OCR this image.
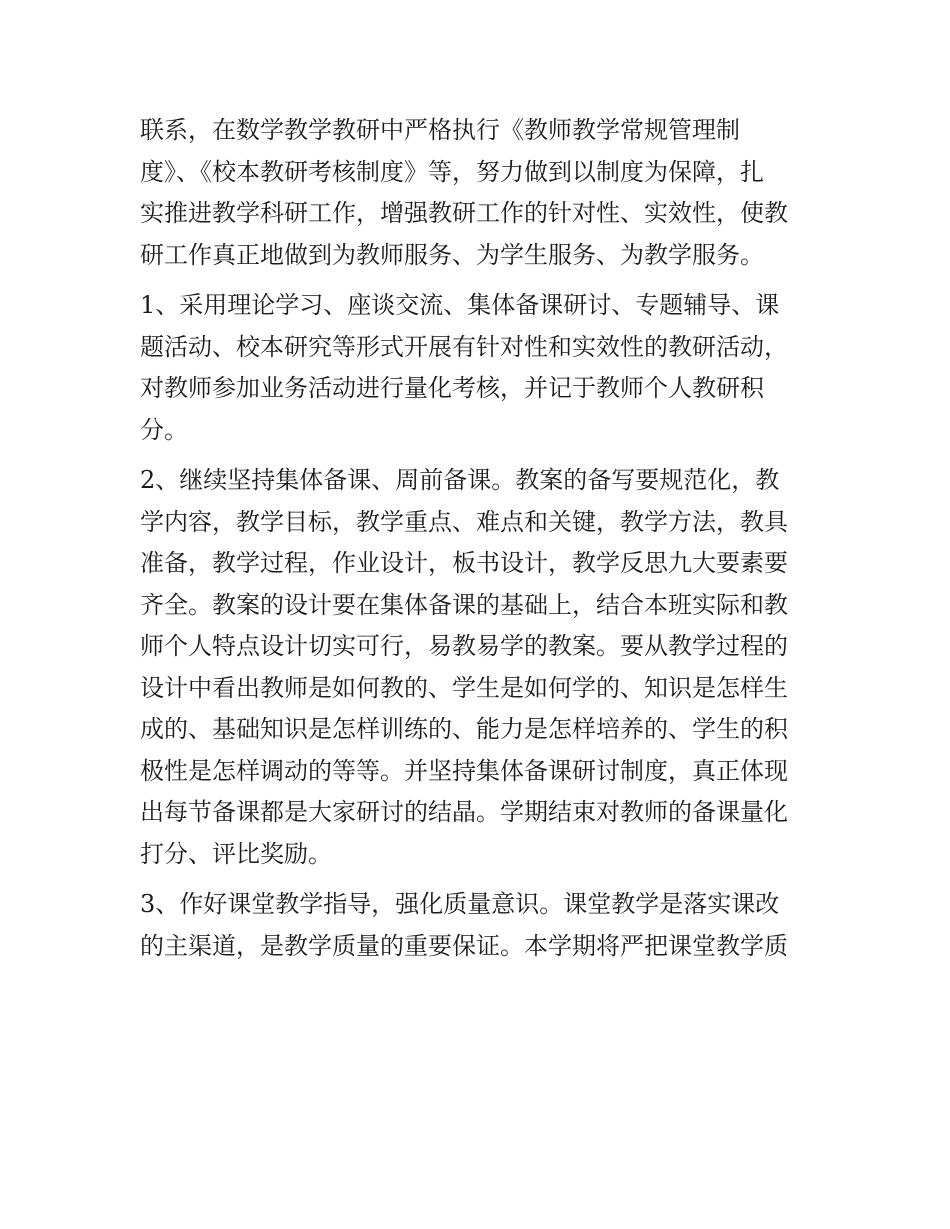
联系，在数学教学教研中严格执行《教师教学常规管理制
度》、《校本教研考核制度》等，努力做到以制度为保障，扎
实推进教学科研工作，增强教研工作的针对性、实效性，使教
研工作真正地做到为教师服务、为学生服务、为教学服务。
1、采用理论学习、座谈交流、集体备课研讨、专题辅导、课
题活动、校本研究等形式开展有针对性和实效性的教研活动，
对教师参加业务活动进行量化考核，并记于教师个人教研积
分。
2、继续坚持集体备课、周前备课。教案的备写要规范化，教
学内容，教学目标，教学重点、难点和关键，教学方法，教具
准备，教学过程，作业设计，板书设计，教学反思九大要素要
齐全。教案的设计要在集体备课的基础上，结合本班实际和教
师个人特点设计切实可行，易教易学的教案。要从教学过程的
设计中看出教师是如何教的、学生是如何学的、知识是怎样生
成的、基础知识是怎样训练的、能力是怎样培养的、学生的积
极性是怎样调动的等等。并坚持集体备课研讨制度，真正体现
出每节备课都是大家研讨的结晶。学期结束对教师的备课量化
打分、评比奖励。
3、作好课堂教学指导，强化质量意识。课堂教学是落实课改
的主渠道，是教学质量的重要保证。本学期将严把课堂教学质
